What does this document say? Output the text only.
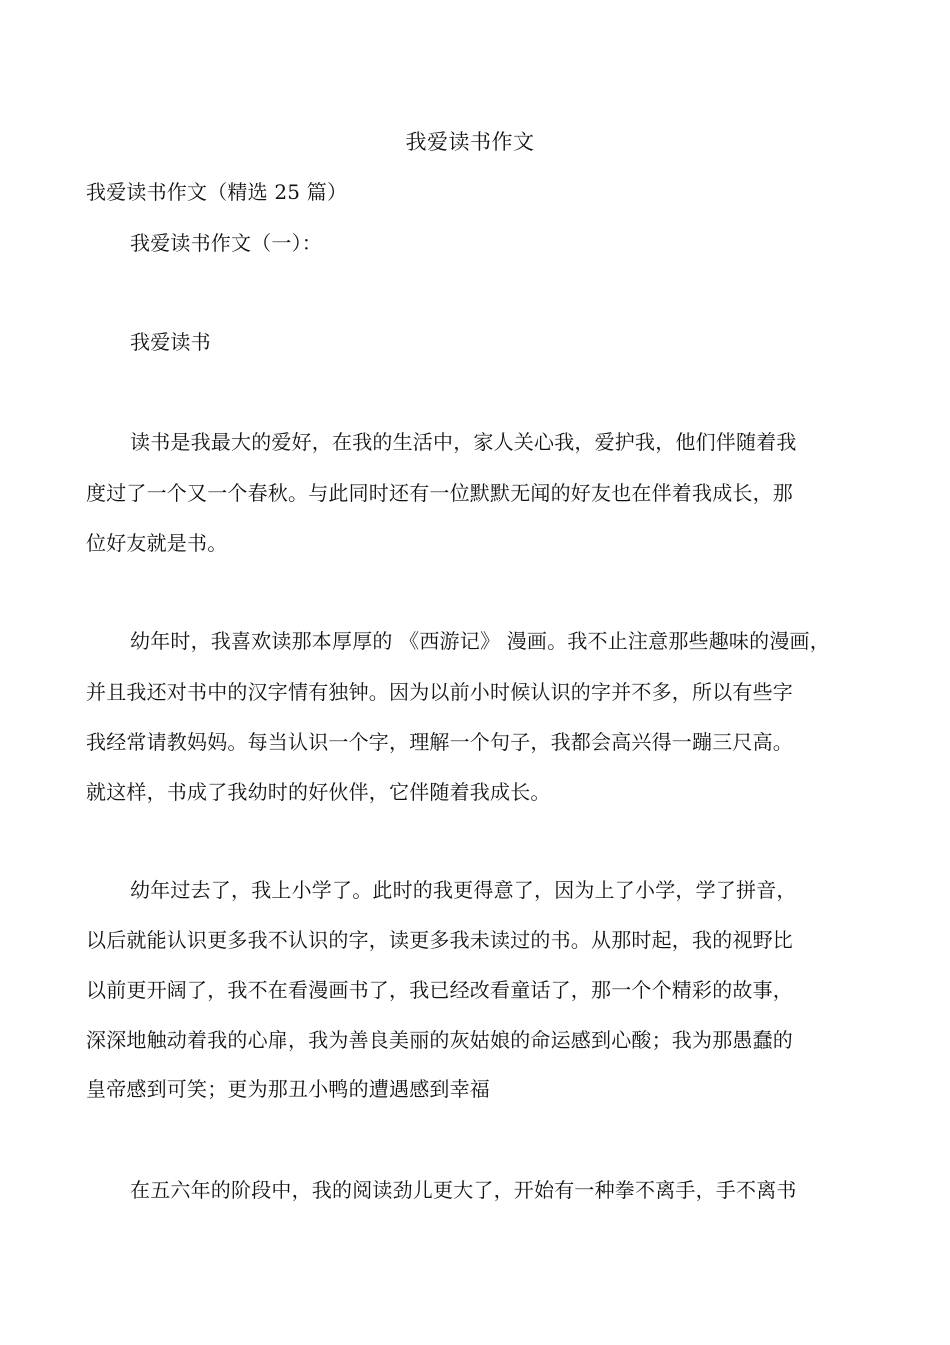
我爱读书作文
我爱读书作文（精选 25 篇）
我爱读书作文（一）：
我爱读书
读书是我最大的爱好，在我的生活中，家人关心我，爱护我，他们伴随着我
度过了一个又一个春秋。与此同时还有一位默默无闻的好友也在伴着我成长，那
位好友就是书。
幼年时，我喜欢读那本厚厚的 《西游记》 漫画。我不止注意那些趣味的漫画，
并且我还对书中的汉字情有独钟。因为以前小时候认识的字并不多，所以有些字
我经常请教妈妈。每当认识一个字，理解一个句子，我都会高兴得一蹦三尺高。
就这样，书成了我幼时的好伙伴，它伴随着我成长。
幼年过去了，我上小学了。此时的我更得意了，因为上了小学，学了拼音，
以后就能认识更多我不认识的字，读更多我未读过的书。从那时起，我的视野比
以前更开阔了，我不在看漫画书了，我已经改看童话了，那一个个精彩的故事，
深深地触动着我的心扉，我为善良美丽的灰姑娘的命运感到心酸；我为那愚蠢的
皇帝感到可笑；更为那丑小鸭的遭遇感到幸福
在五六年的阶段中，我的阅读劲儿更大了，开始有一种拳不离手，手不离书
